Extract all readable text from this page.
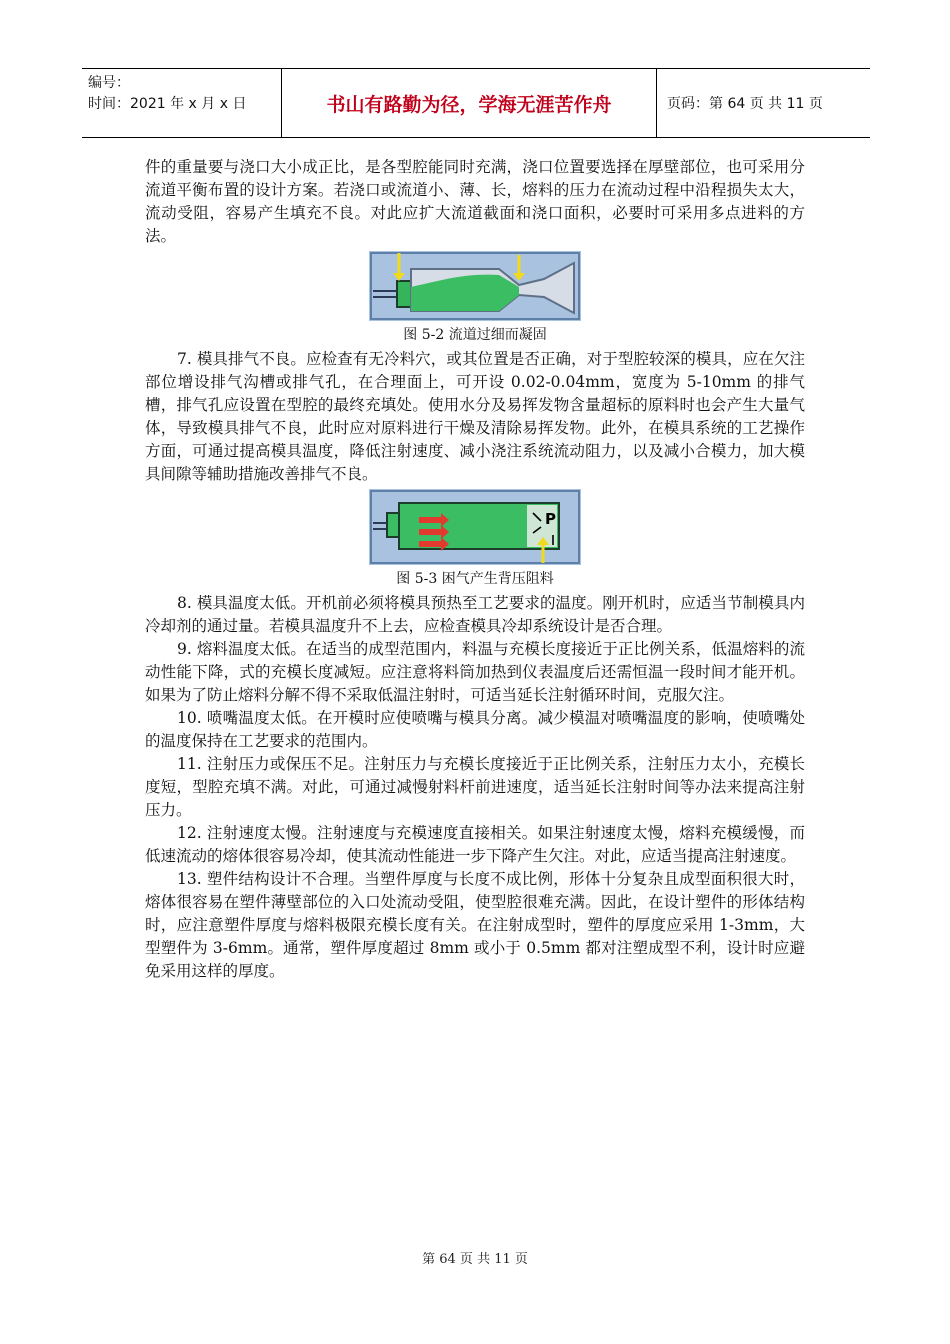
编号：
时间：2021 年 x 月 x 日	书山有路勤为径，学海无涯苦作舟	页码：第 64 页 共 11 页

件的重量要与浇口大小成正比，是各型腔能同时充满，浇口位置要选择在厚壁部位，也可采用分流道平衡布置的设计方案。若浇口或流道小、薄、长，熔料的压力在流动过程中沿程损失太大，流动受阻，容易产生填充不良。对此应扩大流道截面和浇口面积，必要时可采用多点进料的方法。

图 5-2 流道过细而凝固

7. 模具排气不良。应检查有无冷料穴，或其位置是否正确，对于型腔较深的模具，应在欠注部位增设排气沟槽或排气孔，在合理面上，可开设 0.02-0.04mm，宽度为 5-10mm 的排气槽，排气孔应设置在型腔的最终充填处。使用水分及易挥发物含量超标的原料时也会产生大量气体，导致模具排气不良，此时应对原料进行干燥及清除易挥发物。此外，在模具系统的工艺操作方面，可通过提高模具温度，降低注射速度、减小浇注系统流动阻力，以及减小合模力，加大模具间隙等辅助措施改善排气不良。

P
图 5-3 困气产生背压阻料

8. 模具温度太低。开机前必须将模具预热至工艺要求的温度。刚开机时，应适当节制模具内冷却剂的通过量。若模具温度升不上去，应检查模具冷却系统设计是否合理。

9. 熔料温度太低。在适当的成型范围内，料温与充模长度接近于正比例关系，低温熔料的流动性能下降，式的充模长度减短。应注意将料筒加热到仪表温度后还需恒温一段时间才能开机。如果为了防止熔料分解不得不采取低温注射时，可适当延长注射循环时间，克服欠注。

10. 喷嘴温度太低。在开模时应使喷嘴与模具分离。减少模温对喷嘴温度的影响，使喷嘴处的温度保持在工艺要求的范围内。

11. 注射压力或保压不足。注射压力与充模长度接近于正比例关系，注射压力太小，充模长度短，型腔充填不满。对此，可通过减慢射料杆前进速度，适当延长注射时间等办法来提高注射压力。

12. 注射速度太慢。注射速度与充模速度直接相关。如果注射速度太慢，熔料充模缓慢，而低速流动的熔体很容易冷却，使其流动性能进一步下降产生欠注。对此，应适当提高注射速度。

13. 塑件结构设计不合理。当塑件厚度与长度不成比例，形体十分复杂且成型面积很大时，熔体很容易在塑件薄壁部位的入口处流动受阻，使型腔很难充满。因此，在设计塑件的形体结构时，应注意塑件厚度与熔料极限充模长度有关。在注射成型时，塑件的厚度应采用 1-3mm，大型塑件为 3-6mm。通常，塑件厚度超过 8mm 或小于 0.5mm 都对注塑成型不利，设计时应避免采用这样的厚度。

第 64 页 共 11 页
